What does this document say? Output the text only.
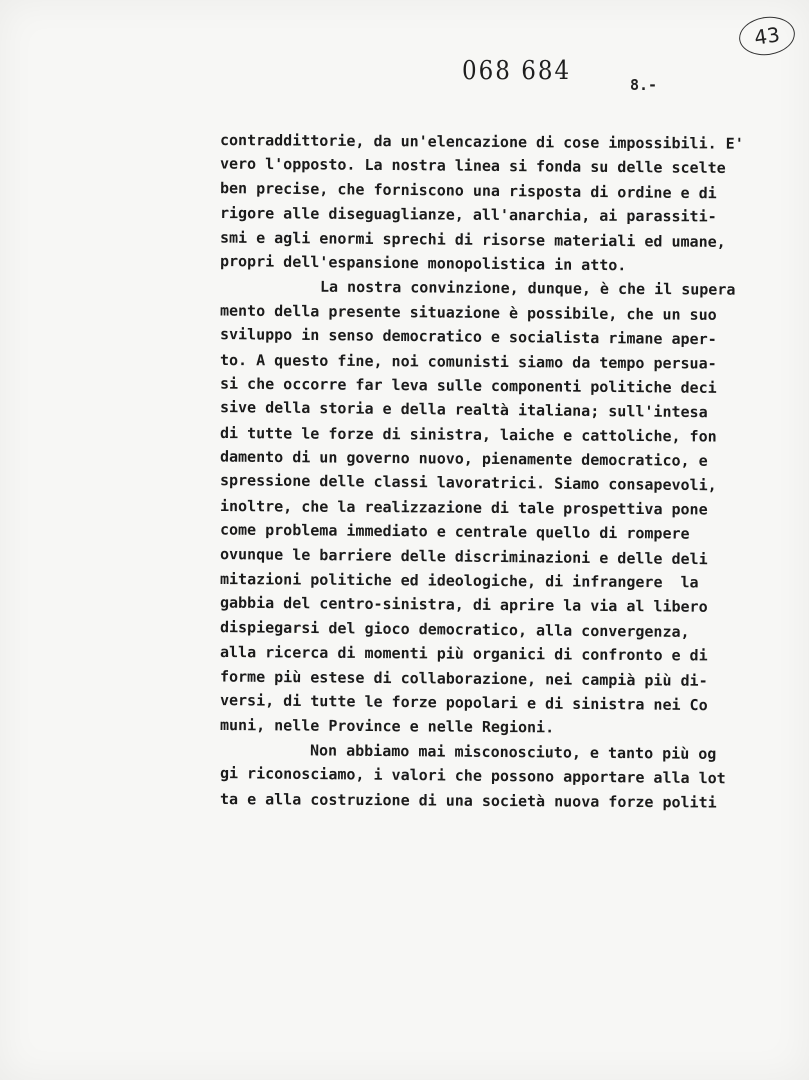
43
068 684	8.-
contraddittorie, da un'elencazione di cose impossibili. E'
vero l'opposto. La nostra linea si fonda su delle scelte
ben precise, che forniscono una risposta di ordine e di
rigore alle diseguaglianze, all'anarchia, ai parassiti-
smi e agli enormi sprechi di risorse materiali ed umane,
propri dell'espansione monopolistica in atto.
La nostra convinzione, dunque, è che il supera
mento della presente situazione è possibile, che un suo
sviluppo in senso democratico e socialista rimane aper-
to. A questo fine, noi comunisti siamo da tempo persua-
si che occorre far leva sulle componenti politiche deci
sive della storia e della realtà italiana; sull'intesa
di tutte le forze di sinistra, laiche e cattoliche, fon
damento di un governo nuovo, pienamente democratico, e
spressione delle classi lavoratrici. Siamo consapevoli,
inoltre, che la realizzazione di tale prospettiva pone
come problema immediato e centrale quello di rompere
ovunque le barriere delle discriminazioni e delle deli
mitazioni politiche ed ideologiche, di infrangere  la
gabbia del centro-sinistra, di aprire la via al libero
dispiegarsi del gioco democratico, alla convergenza,
alla ricerca di momenti più organici di confronto e di
forme più estese di collaborazione, nei campià più di-
versi, di tutte le forze popolari e di sinistra nei Co
muni, nelle Province e nelle Regioni.
Non abbiamo mai misconosciuto, e tanto più og
gi riconosciamo, i valori che possono apportare alla lot
ta e alla costruzione di una società nuova forze politi
